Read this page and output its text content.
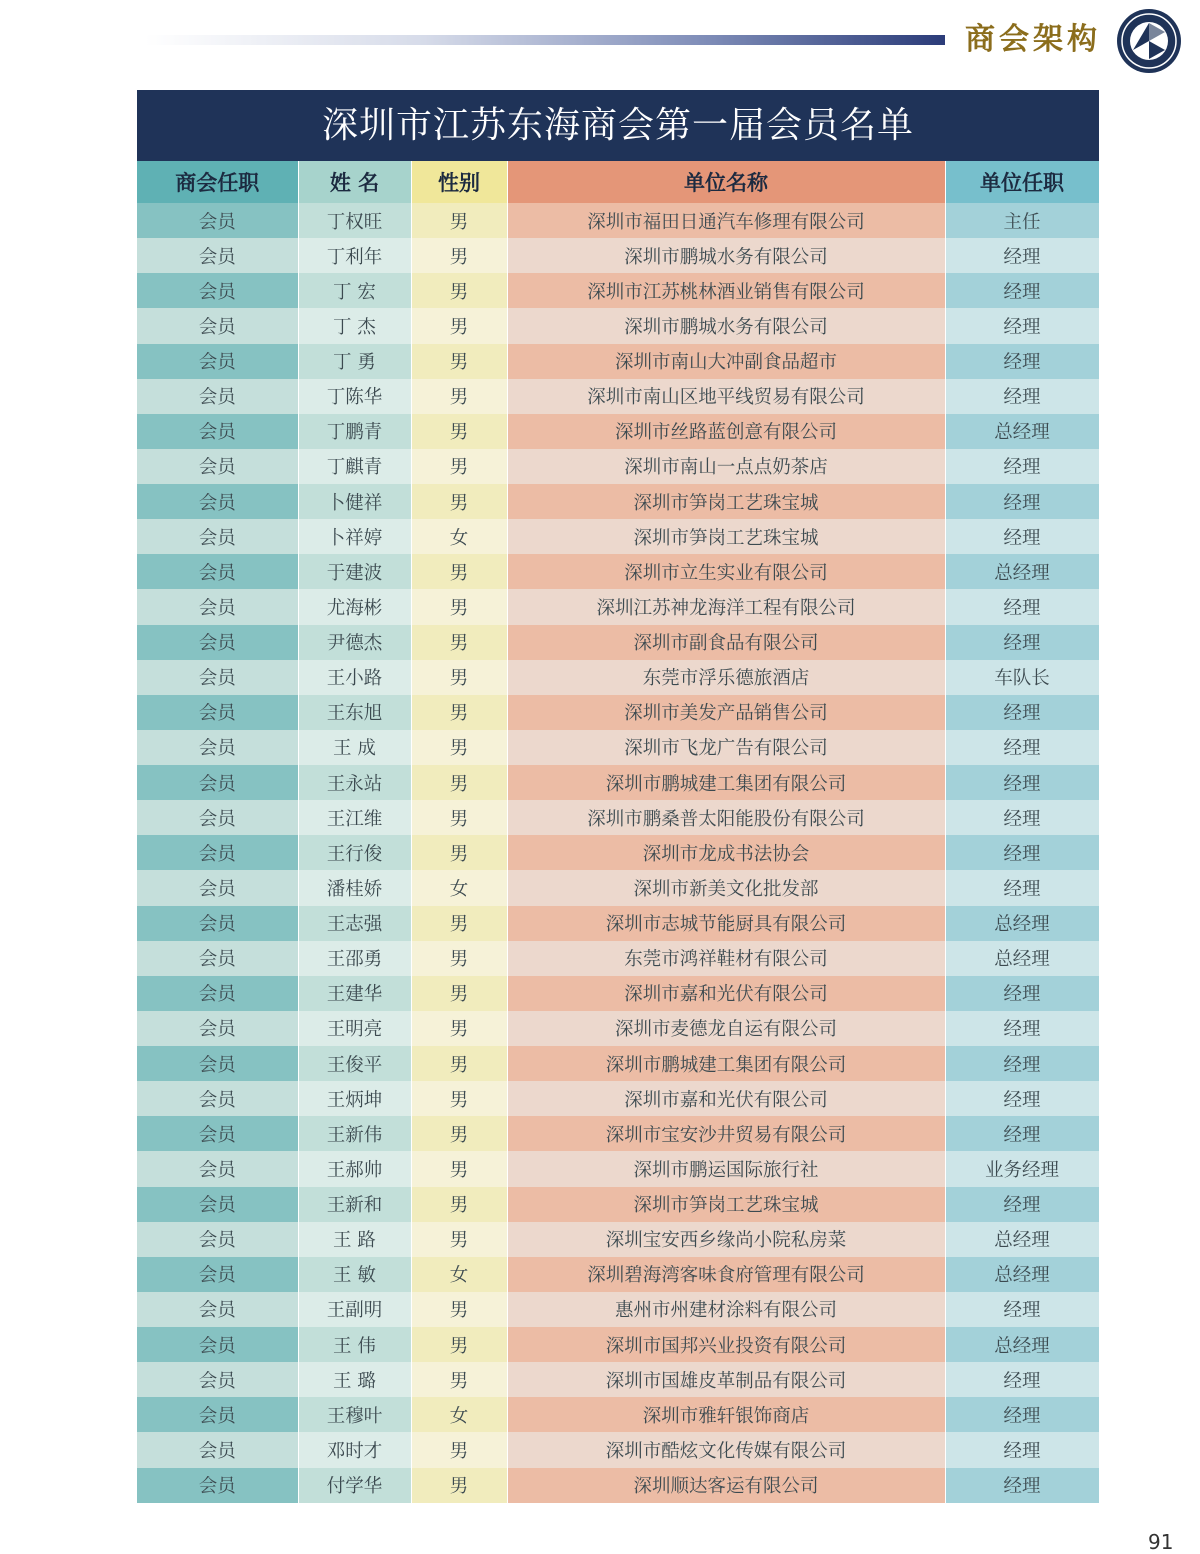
商会架构
深圳市江苏东海商会第一届会员名单
商会任职	姓 名	性别	单位名称	单位任职
会员	丁权旺	男	深圳市福田日通汽车修理有限公司	主任
会员	丁利年	男	深圳市鹏城水务有限公司	经理
会员	丁 宏	男	深圳市江苏桃林酒业销售有限公司	经理
会员	丁 杰	男	深圳市鹏城水务有限公司	经理
会员	丁 勇	男	深圳市南山大冲副食品超市	经理
会员	丁陈华	男	深圳市南山区地平线贸易有限公司	经理
会员	丁鹏青	男	深圳市丝路蓝创意有限公司	总经理
会员	丁麒青	男	深圳市南山一点点奶茶店	经理
会员	卜健祥	男	深圳市笋岗工艺珠宝城	经理
会员	卜祥婷	女	深圳市笋岗工艺珠宝城	经理
会员	于建波	男	深圳市立生实业有限公司	总经理
会员	尤海彬	男	深圳江苏神龙海洋工程有限公司	经理
会员	尹德杰	男	深圳市副食品有限公司	经理
会员	王小路	男	东莞市浮乐德旅酒店	车队长
会员	王东旭	男	深圳市美发产品销售公司	经理
会员	王 成	男	深圳市飞龙广告有限公司	经理
会员	王永站	男	深圳市鹏城建工集团有限公司	经理
会员	王江维	男	深圳市鹏桑普太阳能股份有限公司	经理
会员	王行俊	男	深圳市龙成书法协会	经理
会员	潘桂娇	女	深圳市新美文化批发部	经理
会员	王志强	男	深圳市志城节能厨具有限公司	总经理
会员	王邵勇	男	东莞市鸿祥鞋材有限公司	总经理
会员	王建华	男	深圳市嘉和光伏有限公司	经理
会员	王明亮	男	深圳市麦德龙自运有限公司	经理
会员	王俊平	男	深圳市鹏城建工集团有限公司	经理
会员	王炳坤	男	深圳市嘉和光伏有限公司	经理
会员	王新伟	男	深圳市宝安沙井贸易有限公司	经理
会员	王郝帅	男	深圳市鹏运国际旅行社	业务经理
会员	王新和	男	深圳市笋岗工艺珠宝城	经理
会员	王 路	男	深圳宝安西乡缘尚小院私房菜	总经理
会员	王 敏	女	深圳碧海湾客味食府管理有限公司	总经理
会员	王副明	男	惠州市州建材涂料有限公司	经理
会员	王 伟	男	深圳市国邦兴业投资有限公司	总经理
会员	王 璐	男	深圳市国雄皮革制品有限公司	经理
会员	王穆叶	女	深圳市雅轩银饰商店	经理
会员	邓时才	男	深圳市酷炫文化传媒有限公司	经理
会员	付学华	男	深圳顺达客运有限公司	经理
91
